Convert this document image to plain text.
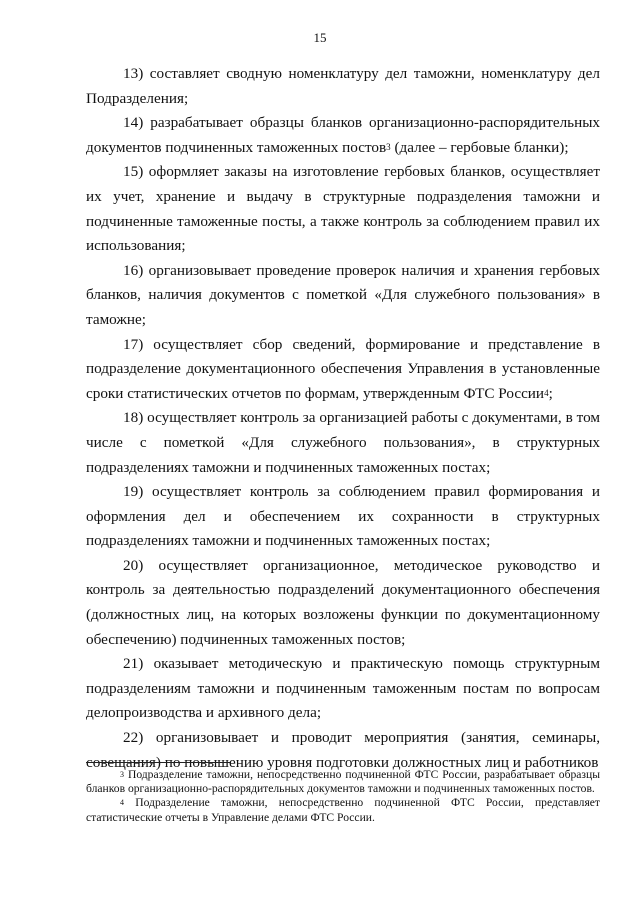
15

13) составляет сводную номенклатуру дел таможни, номенклатуру дел Подразделения;

14) разрабатывает образцы бланков организационно-распорядительных документов подчиненных таможенных постов$^3$ (далее – гербовые бланки);

15) оформляет заказы на изготовление гербовых бланков, осуществляет их учет, хранение и выдачу в структурные подразделения таможни и подчиненные таможенные посты, а также контроль за соблюдением правил их использования;

16) организовывает проведение проверок наличия и хранения гербовых бланков, наличия документов с пометкой «Для служебного пользования» в таможне;

17) осуществляет сбор сведений, формирование и представление в подразделение документационного обеспечения Управления в установленные сроки статистических отчетов по формам, утвержденным ФТС России$^4$;

18) осуществляет контроль за организацией работы с документами, в том числе с пометкой «Для служебного пользования», в структурных подразделениях таможни и подчиненных таможенных постах;

19) осуществляет контроль за соблюдением правил формирования и оформления дел и обеспечением их сохранности в структурных подразделениях таможни и подчиненных таможенных постах;

20) осуществляет организационное, методическое руководство и контроль за деятельностью подразделений документационного обеспечения (должностных лиц, на которых возложены функции по документационному обеспечению) подчиненных таможенных постов;

21) оказывает методическую и практическую помощь структурным подразделениям таможни и подчиненным таможенным постам по вопросам делопроизводства и архивного дела;

22) организовывает и проводит мероприятия (занятия, семинары, совещания) по повышению уровня подготовки должностных лиц и работников

$^3$ Подразделение таможни, непосредственно подчиненной ФТС России, разрабатывает образцы бланков организационно-распорядительных документов таможни и подчиненных таможенных постов.

$^4$ Подразделение таможни, непосредственно подчиненной ФТС России, представляет статистические отчеты в Управление делами ФТС России.
